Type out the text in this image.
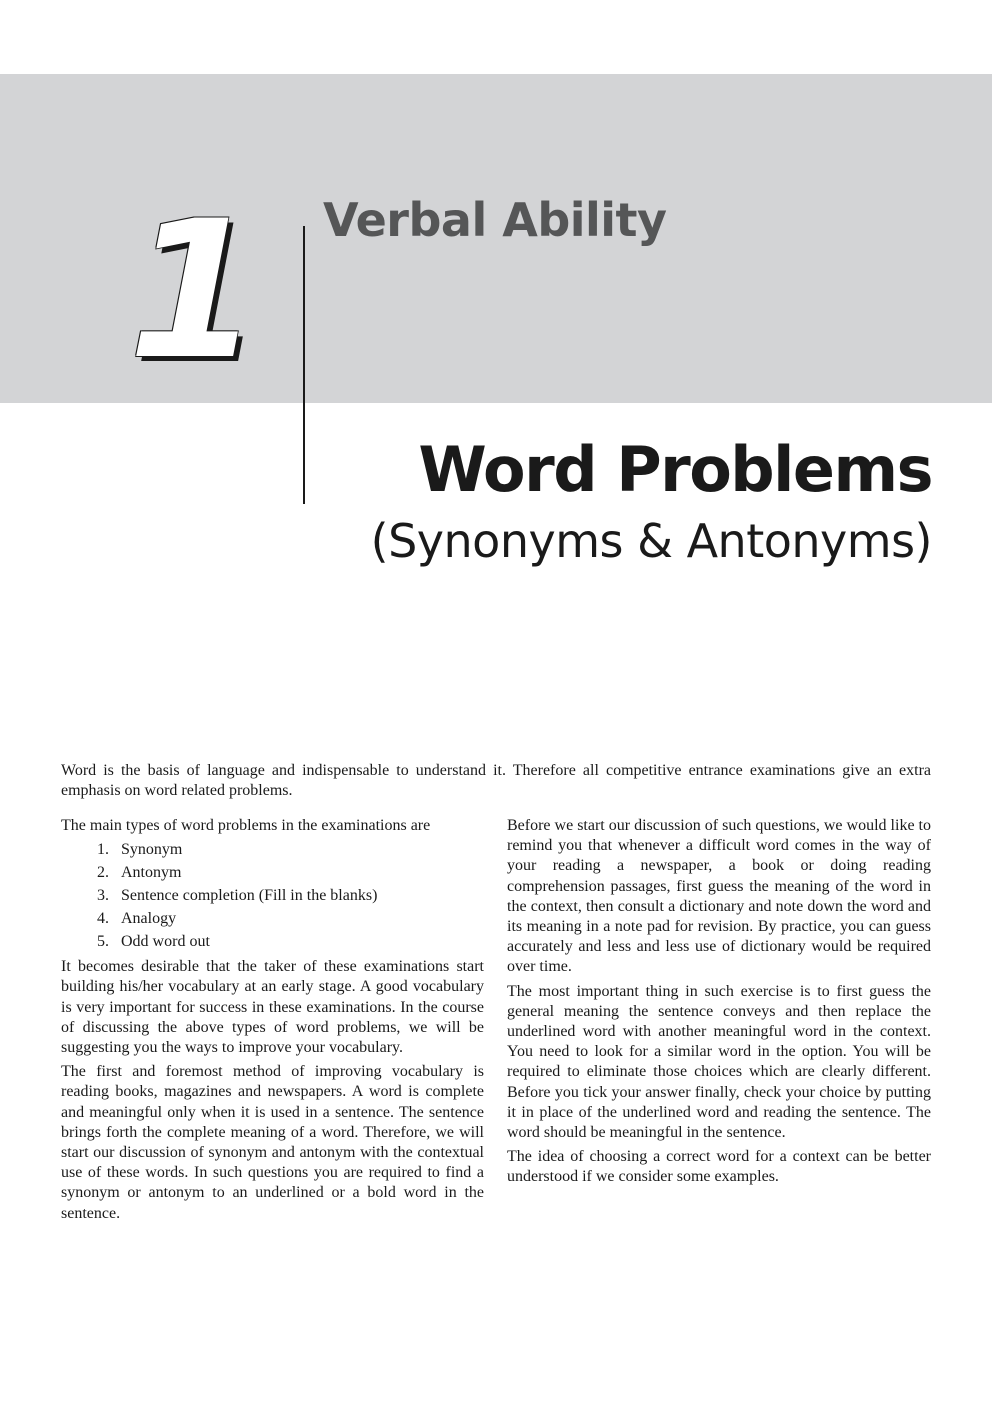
1 Verbal Ability
Word Problems
(Synonyms & Antonyms)

Word is the basis of language and indispensable to understand it. Therefore all competitive entrance examinations give an extra emphasis on word related problems.

The main types of word problems in the examinations are

1. Synonym
2. Antonym
3. Sentence completion (Fill in the blanks)
4. Analogy
5. Odd word out

It becomes desirable that the taker of these examinations start building his/her vocabulary at an early stage. A good vocabulary is very important for success in these examinations. In the course of discussing the above types of word problems, we will be suggesting you the ways to improve your vocabulary.

The first and foremost method of improving vocabulary is reading books, magazines and newspapers. A word is complete and meaningful only when it is used in a sentence. The sentence brings forth the complete meaning of a word. Therefore, we will start our discussion of synonym and antonym with the contextual use of these words. In such questions you are required to find a synonym or antonym to an underlined or a bold word in the sentence.

Before we start our discussion of such questions, we would like to remind you that whenever a difficult word comes in the way of your reading a newspaper, a book or doing reading comprehension passages, first guess the meaning of the word in the context, then consult a dictionary and note down the word and its meaning in a note pad for revision. By practice, you can guess accurately and less and less use of dictionary would be required over time.

The most important thing in such exercise is to first guess the general meaning the sentence conveys and then replace the underlined word with another meaningful word in the context. You need to look for a similar word in the option. You will be required to eliminate those choices which are clearly different. Before you tick your answer finally, check your choice by putting it in place of the underlined word and reading the sentence. The word should be meaningful in the sentence.

The idea of choosing a correct word for a context can be better understood if we consider some examples.
